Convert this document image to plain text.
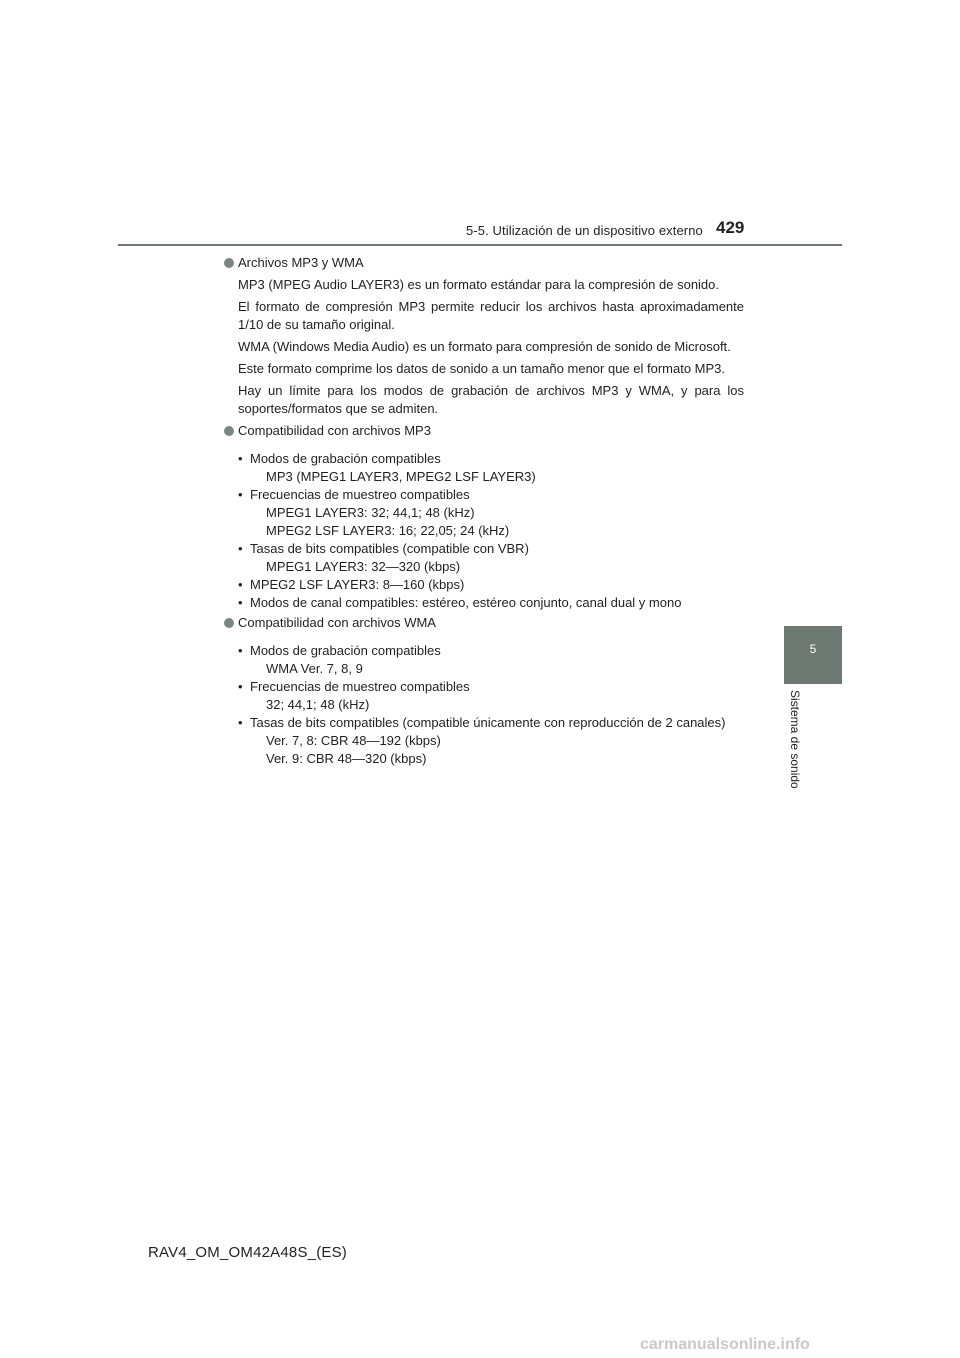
5-5. Utilización de un dispositivo externo 429
5
Sistema de sonido
Archivos MP3 y WMA

MP3 (MPEG Audio LAYER3) es un formato estándar para la compresión de sonido.

El formato de compresión MP3 permite reducir los archivos hasta aproximadamente 1/10 de su tamaño original.

WMA (Windows Media Audio) es un formato para compresión de sonido de Microsoft.

Este formato comprime los datos de sonido a un tamaño menor que el formato MP3.

Hay un límite para los modos de grabación de archivos MP3 y WMA, y para los soportes/formatos que se admiten.

Compatibilidad con archivos MP3
• Modos de grabación compatibles
MP3 (MPEG1 LAYER3, MPEG2 LSF LAYER3)
• Frecuencias de muestreo compatibles
MPEG1 LAYER3: 32; 44,1; 48 (kHz)
MPEG2 LSF LAYER3: 16; 22,05; 24 (kHz)
• Tasas de bits compatibles (compatible con VBR)
MPEG1 LAYER3: 32—320 (kbps)
• MPEG2 LSF LAYER3: 8—160 (kbps)
• Modos de canal compatibles: estéreo, estéreo conjunto, canal dual y mono
Compatibilidad con archivos WMA
• Modos de grabación compatibles
WMA Ver. 7, 8, 9
• Frecuencias de muestreo compatibles
32; 44,1; 48 (kHz)
• Tasas de bits compatibles (compatible únicamente con reproducción de 2 canales)
Ver. 7, 8: CBR 48—192 (kbps)
Ver. 9: CBR 48—320 (kbps)
RAV4_OM_OM42A48S_(ES)
carmanualsonline.info
